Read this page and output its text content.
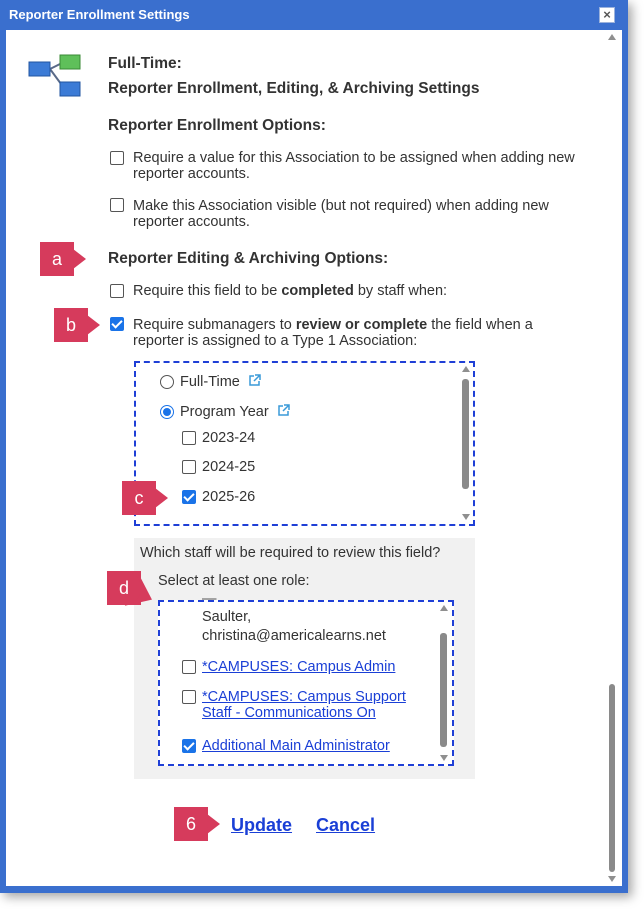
Reporter Enrollment Settings	×
Full-Time:
Reporter Enrollment, Editing, & Archiving Settings
Reporter Enrollment Options:
Require a value for this Association to be assigned when adding new reporter accounts.
Make this Association visible (but not required) when adding new reporter accounts.
Reporter Editing & Archiving Options:
Require this field to be completed by staff when:
Require submanagers to review or complete the field when a
reporter is assigned to a Type 1 Association:
Full-Time
Program Year
2023-24
2024-25
2025-26
Which staff will be required to review this field?
Select at least one role:
—
Saulter,
christina@americalearns.net
*CAMPUSES: Campus Admin
*CAMPUSES: Campus Support
Staff - Communications On
Additional Main Administrator
Update Cancel
a
b
c
d
6
